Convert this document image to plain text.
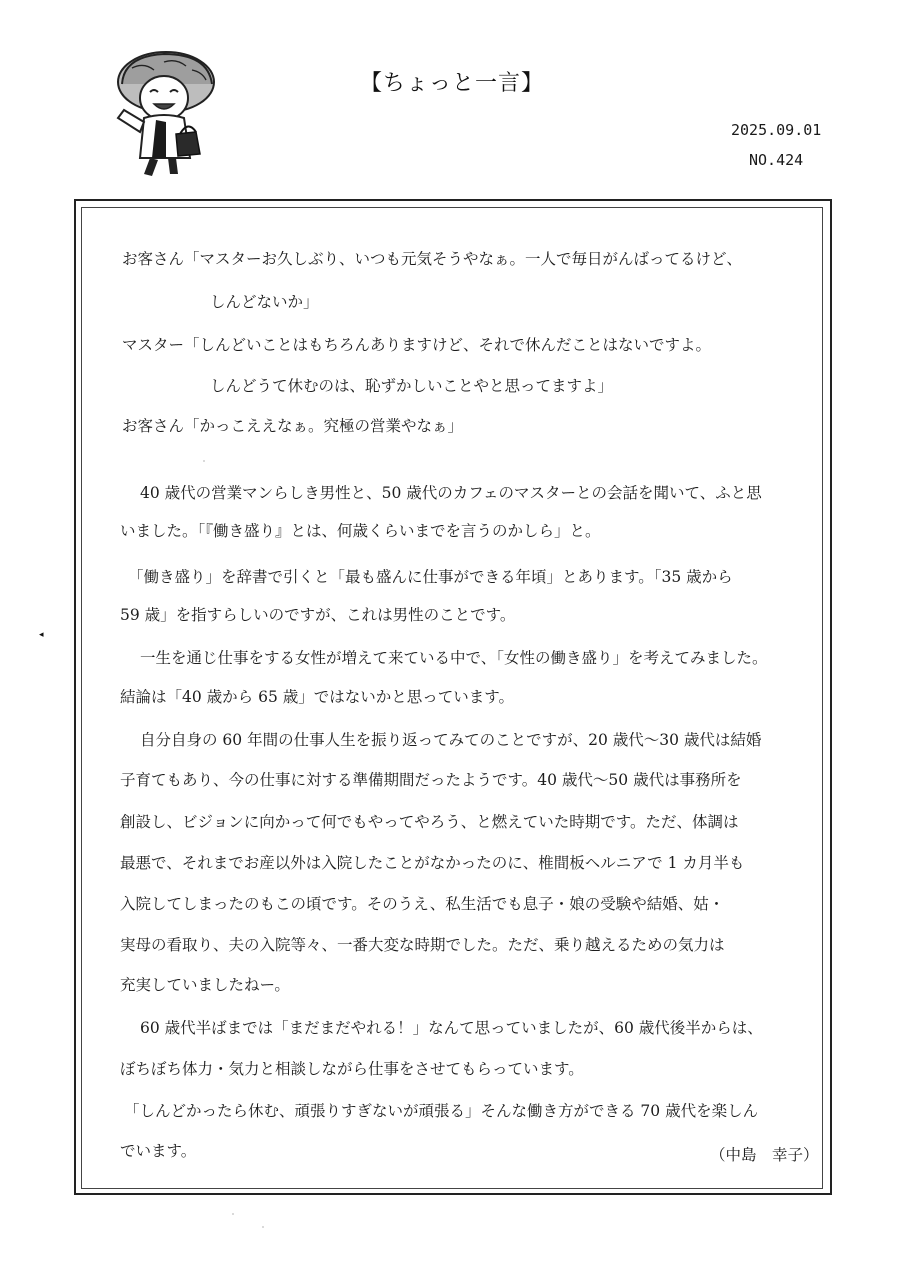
【ちょっと一言】
2025.09.01
NO.424
◂
お客さん「マスターお久しぶり、いつも元気そうやなぁ。一人で毎日がんばってるけど、
しんどないか」
マスター「しんどいことはもちろんありますけど、それで休んだことはないですよ。
しんどうて休むのは、恥ずかしいことやと思ってますよ」
お客さん「かっこええなぁ。究極の営業やなぁ」
40 歳代の営業マンらしき男性と、50 歳代のカフェのマスターとの会話を聞いて、ふと思
いました。「『働き盛り』とは、何歳くらいまでを言うのかしら」と。
「働き盛り」を辞書で引くと「最も盛んに仕事ができる年頃」とあります。「35 歳から
59 歳」を指すらしいのですが、これは男性のことです。
一生を通じ仕事をする女性が増えて来ている中で、「女性の働き盛り」を考えてみました。
結論は「40 歳から 65 歳」ではないかと思っています。
自分自身の 60 年間の仕事人生を振り返ってみてのことですが、20 歳代～30 歳代は結婚
子育てもあり、今の仕事に対する準備期間だったようです。40 歳代～50 歳代は事務所を
創設し、ビジョンに向かって何でもやってやろう、と燃えていた時期です。ただ、体調は
最悪で、それまでお産以外は入院したことがなかったのに、椎間板ヘルニアで 1 カ月半も
入院してしまったのもこの頃です。そのうえ、私生活でも息子・娘の受験や結婚、姑・
実母の看取り、夫の入院等々、一番大変な時期でした。ただ、乗り越えるための気力は
充実していましたねー。
60 歳代半ばまでは「まだまだやれる！」なんて思っていましたが、60 歳代後半からは、
ぼちぼち体力・気力と相談しながら仕事をさせてもらっています。
「しんどかったら休む、頑張りすぎないが頑張る」そんな働き方ができる 70 歳代を楽しん
でいます。	（中島　幸子）
